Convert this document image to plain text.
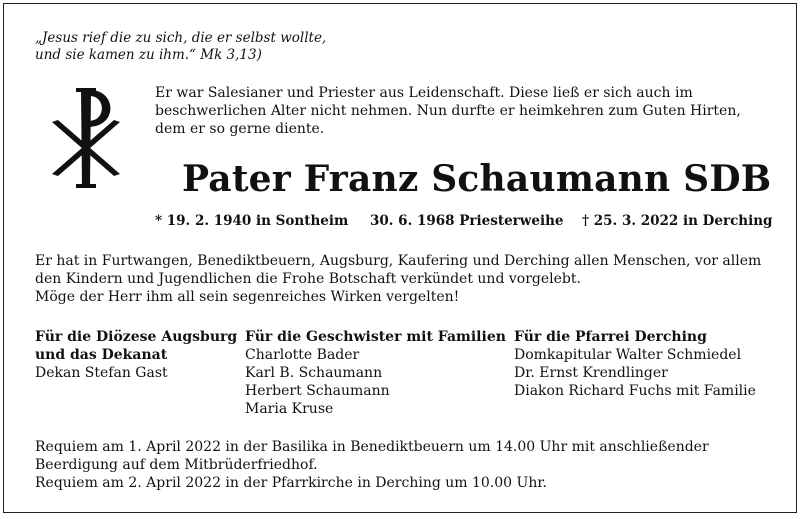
„Jesus rief die zu sich, die er selbst wollte,
und sie kamen zu ihm.“ Mk 3,13)
Er war Salesianer und Priester aus Leidenschaft. Diese ließ er sich auch im
beschwerlichen Alter nicht nehmen. Nun durfte er heimkehren zum Guten Hirten,
dem er so gerne diente.
Pater Franz Schaumann SDB
* 19. 2. 1940 in Sontheim 30. 6. 1968 Priesterweihe † 25. 3. 2022 in Derching
Er hat in Furtwangen, Benediktbeuern, Augsburg, Kaufering und Derching allen Menschen, vor allem
den Kindern und Jugendlichen die Frohe Botschaft verkündet und vorgelebt.
Möge der Herr ihm all sein segenreiches Wirken vergelten!
Für die Diözese Augsburg
und das Dekanat
Dekan Stefan Gast
Für die Geschwister mit Familien
Charlotte Bader
Karl B. Schaumann
Herbert Schaumann
Maria Kruse
Für die Pfarrei Derching
Domkapitular Walter Schmiedel
Dr. Ernst Krendlinger
Diakon Richard Fuchs mit Familie
Requiem am 1. April 2022 in der Basilika in Benediktbeuern um 14.00 Uhr mit anschließender
Beerdigung auf dem Mitbrüderfriedhof.
Requiem am 2. April 2022 in der Pfarrkirche in Derching um 10.00 Uhr.
